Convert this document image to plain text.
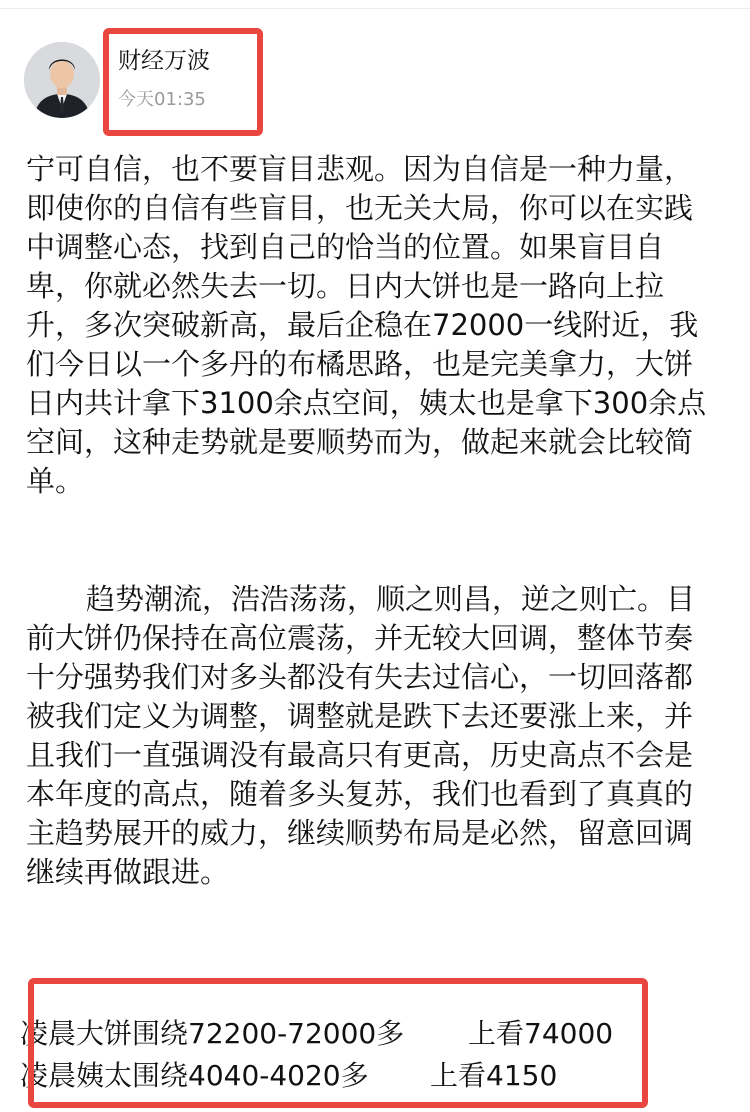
财经万波
今天01:35

宁可自信，也不要盲目悲观。因为自信是一种力量，即使你的自信有些盲目，也无关大局，你可以在实践中调整心态，找到自己的恰当的位置。如果盲目自卑，你就必然失去一切。日内大饼也是一路向上拉升，多次突破新高，最后企稳在72000一线附近，我们今日以一个多丹的布橘思路，也是完美拿力，大饼日内共计拿下3100余点空间，姨太也是拿下300余点空间，这种走势就是要顺势而为，做起来就会比较简单。

趋势潮流，浩浩荡荡，顺之则昌，逆之则亡。目前大饼仍保持在高位震荡，并无较大回调，整体节奏十分强势我们对多头都没有失去过信心，一切回落都被我们定义为调整，调整就是跌下去还要涨上来，并且我们一直强调没有最高只有更高，历史高点不会是本年度的高点，随着多头复苏，我们也看到了真真的主趋势展开的威力，继续顺势布局是必然，留意回调继续再做跟进。

凌晨大饼围绕72200-72000多 上看74000
凌晨姨太围绕4040-4020多 上看4150
